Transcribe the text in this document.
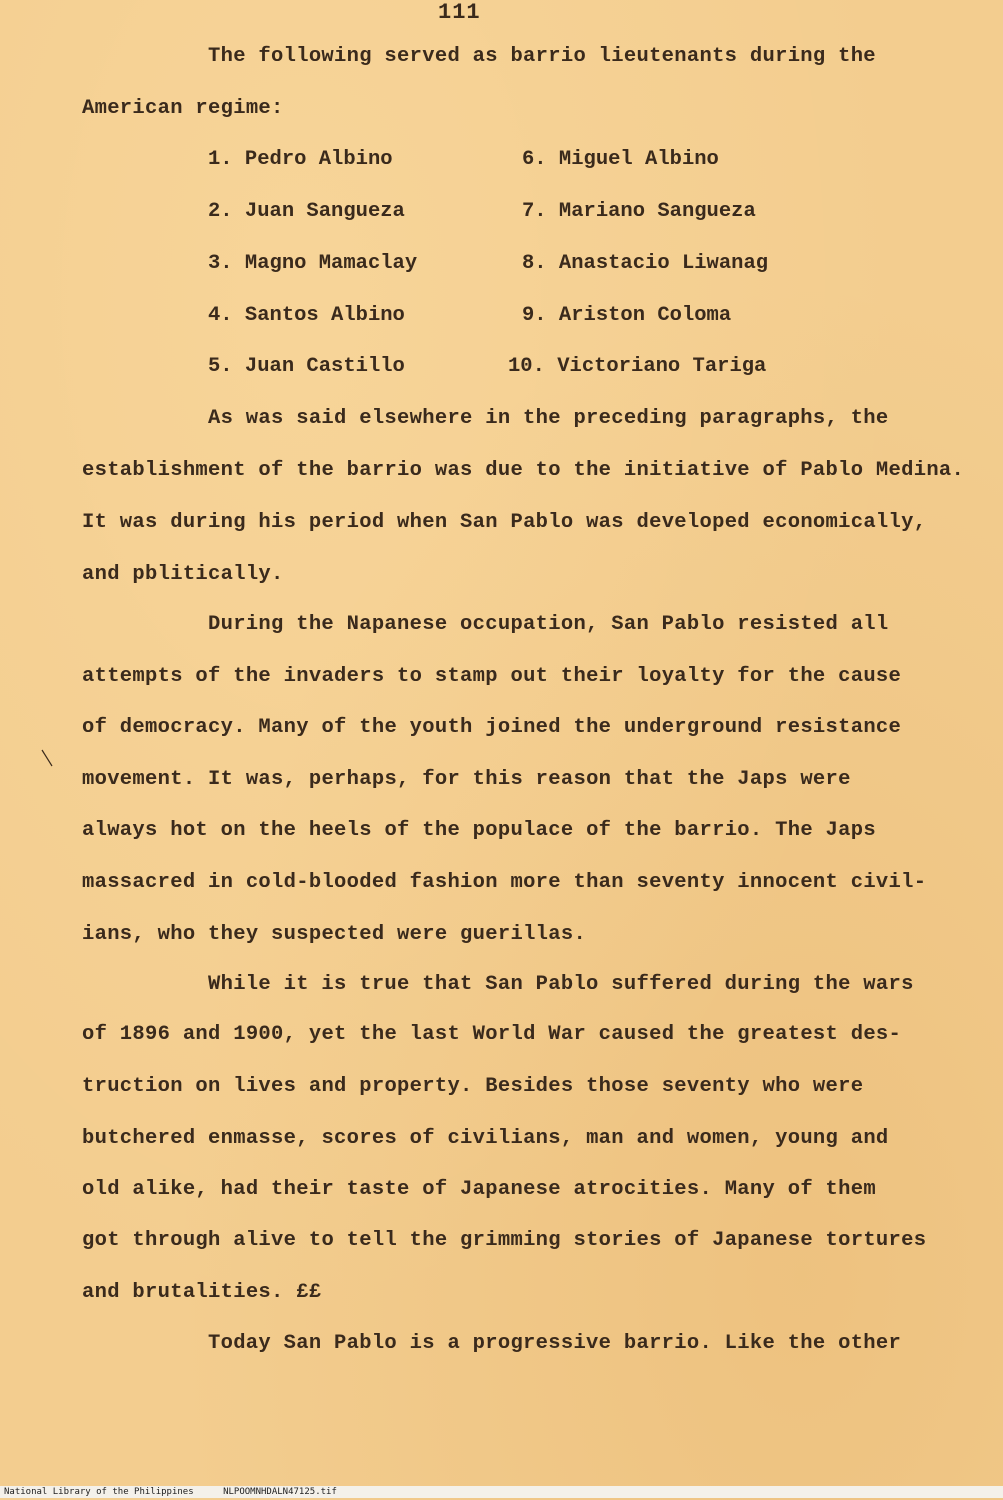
111
The following served as barrio lieutenants during the
American regime:
1. Pedro Albino
2. Juan Sangueza
3. Magno Mamaclay
4. Santos Albino
5. Juan Castillo
6. Miguel Albino
7. Mariano Sangueza
8. Anastacio Liwanag
9. Ariston Coloma
10. Victoriano Tariga
As was said elsewhere in the preceding paragraphs, the
establishment of the barrio was due to the initiative of Pablo Medina.
It was during his period when San Pablo was developed economically,
and pblitically.
During the Napanese occupation, San Pablo resisted all
attempts of the invaders to stamp out their loyalty for the cause
of democracy. Many of the youth joined the underground resistance
movement. It was, perhaps, for this reason that the Japs were
always hot on the heels of the populace of the barrio. The Japs
massacred in cold-blooded fashion more than seventy innocent civil-
ians, who they suspected were guerillas.
While it is true that San Pablo suffered during the wars
of 1896 and 1900, yet the last World War caused the greatest des-
truction on lives and property. Besides those seventy who were
butchered enmasse, scores of civilians, man and women, young and
old alike, had their taste of Japanese atrocities. Many of them
got through alive to tell the grimming stories of Japanese tortures
and brutalities. ££
Today San Pablo is a progressive barrio. Like the other
National Library of the Philippines	NLPOOMNHDALN47125.tif
